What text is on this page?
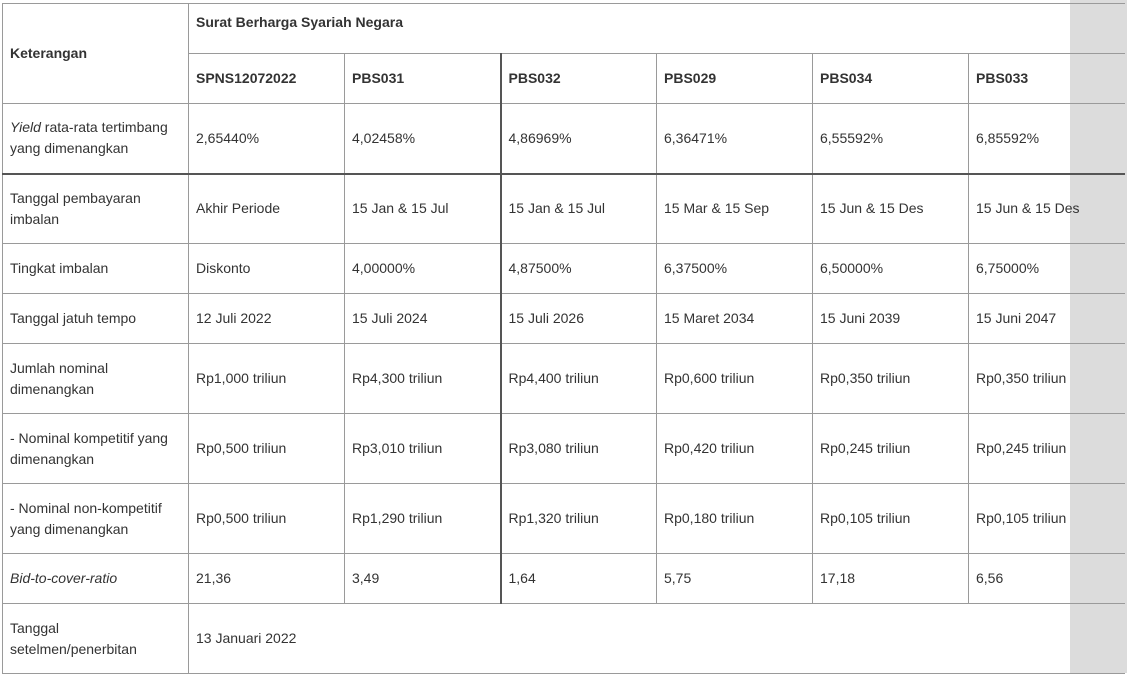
Keterangan	Surat Berharga Syariah Negara					
	SPNS12072022	PBS031	PBS032	PBS029	PBS034	PBS033
Yield rata-rata tertimbang yang dimenangkan	2,65440%	4,02458%	4,86969%	6,36471%	6,55592%	6,85592%
Tanggal pembayaran imbalan	Akhir Periode	15 Jan & 15 Jul	15 Jan & 15 Jul	15 Mar & 15 Sep	15 Jun & 15 Des	15 Jun & 15 Des
Tingkat imbalan	Diskonto	4,00000%	4,87500%	6,37500%	6,50000%	6,75000%
Tanggal jatuh tempo	12 Juli 2022	15 Juli 2024	15 Juli 2026	15 Maret 2034	15 Juni 2039	15 Juni 2047
Jumlah nominal dimenangkan	Rp1,000 triliun	Rp4,300 triliun	Rp4,400 triliun	Rp0,600 triliun	Rp0,350 triliun	Rp0,350 triliun
- Nominal kompetitif yang dimenangkan	Rp0,500 triliun	Rp3,010 triliun	Rp3,080 triliun	Rp0,420 triliun	Rp0,245 triliun	Rp0,245 triliun
- Nominal non-kompetitif yang dimenangkan	Rp0,500 triliun	Rp1,290 triliun	Rp1,320 triliun	Rp0,180 triliun	Rp0,105 triliun	Rp0,105 triliun
Bid-to-cover-ratio	21,36	3,49	1,64	5,75	17,18	6,56
Tanggal setelmen/penerbitan	13 Januari 2022					
